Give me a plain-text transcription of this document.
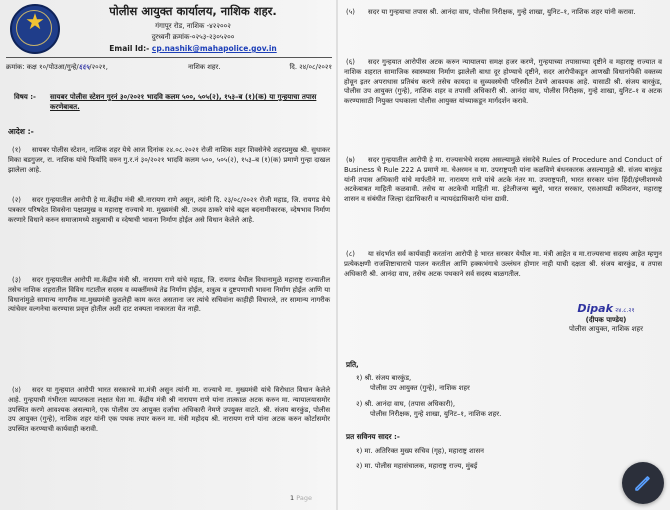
★	पोलीस आयुक्त कार्यालय, नाशिक शहर.
गंगापूर रोड, नाशिक -४२२००२
दुरध्वनी क्रमांक-०२५३-२३०५२००
Email Id:- cp.nashik@mahapolice.gov.in
क्रमांक: कक्ष १०/पोउआ/गुन्हे/६६५/२०२१,	नाशिक शहर.	दि. २४/०८/२०२१
विषय :- सायबर पोलीस स्टेशन गुरनं ३०/२०२१ भादवि कलम ५००, ५०५(२), १५३–ब (१)(क) या गुन्हयाचा तपास करणेबाबत.
आदेश :-
(१)	सायबर पोलीस स्टेशन, नाशिक शहर येथे आज दिनांक २४.०८.२०२१ रोजी नाशिक शहर शिवसेनेचे शहरप्रमुख श्री. सुधाकर मिका बडगुजर, रा. नाशिक यांचे फिर्यादि वरुन गु.र.नं ३०/२०२१ भादवि कलम ५००, ५०५(२), १५३–ब (१)(क) प्रमाणे गुन्हा दाखल झालेला आहे.
(२)	सदर गुन्हयातील आरोपी हे मा.केंद्रीय मंत्री श्री.नारायण राणे असुन, त्यांनी दि. २३/०८/२०२१ रोजी महाड, जि. रायगड येथे पत्रकार परिषदेत शिवसेना पक्षप्रमुख व महाराष्ट्र राज्याचे मा. मुख्यमंत्री श्री. उध्दव ठाकरे यांचे बद्दल बदनामीकारक, व्देषभाव निर्माण करणारे विधाने करुन समाजामध्ये शत्रुत्वाची व व्देषाची भावना निर्माण होईल असे विधान केलेले आहे.
(३)	सदर गुन्हयातील आरोपी मा.केंद्रीय मंत्री श्री. नारायण राणे यांचे महाड, जि. रायगड येथील विधानामुळे महाराष्ट्र राज्यातील तसेच नाशिक शहरातील विविध गटातील सदस्य व व्यक्तींमध्ये तेढ निर्माण होईल, शत्रुत्व व दुष्टपणाची भावना निर्माण होईल आणि या विधानांमुळे सामान्य नागरीक मा.मुख्यमंत्री कुठलेही काम करत असताना जर त्यांचे सचिवांना काहीही विचारले, तर सामान्य नागरीक त्यांचेवर वल्गनेचा करण्यास प्रवृत्त होतील अशी दाट शक्यता नाकारता येत नाही.
(४)	सदर या गुन्हयात आरोपी भारत सरकारचे मा.मंत्री असुन त्यांनी मा. राज्याचे मा. मुख्यमंत्री यांचे विरोधात विधान केलेले आहे. गुन्हयाची गंभीरता व्याप्तकता लक्षात घेता मा. केंद्रीय मंत्री श्री नारायण राणे यांना तात्काळ अटक करुन मा. न्यायालयासमोर उपस्थित करणे आवश्यक असल्याने, एक पोलीस उप आयुक्त दर्जाचा अधिकारी नेमणे उपयुक्त वाटते. श्री. संजय बारकुंड, पोलीस उप आयुक्त (गुन्हे), नाशिक शहर यांनी एक पथक तयार करुन मा. मंत्री महोदय श्री. नारायण राणे यांना अटक करुन कोर्टासमोर उपस्थित करण्याची कार्यवाही करावी.
(५)	सदर या गुन्हयाचा तपास श्री. आनंदा वाघ, पोलीस निरीक्षक, गुन्हे शाखा, युनिट–१, नाशिक शहर यांनी करावा.
(६)	सदर गुन्हयात आरोपीस अटक करुन न्यायालया समक्ष हजर करणे, गुन्हयाच्या तपासाच्या दृष्टीने व महाराष्ट्र राज्यात व नाशिक शहरात सामाजिक स्वास्थ्यास निर्माण झालेली बाधा दूर होण्याचे दृष्टीने, सदर आरोपीकडून आणखी विधानांपैकी वक्तव्य होवून इतर अपराधास प्रतिबंध करणे तसेच कायदा व सुव्यवस्थेची परिस्थीत टेवणे आवश्यक आहे. यासाठी श्री. संजय बारकुंड, पोलीस उप आयुक्त (गुन्हे), नाशिक शहर व तपासी अधिकारी श्री. आनंदा वाघ, पोलीस निरीक्षक, गुन्हे शाखा, युनिट–१ व अटक करण्यासाठी नियुक्त पथकाला पोलीस आयुक्त यांच्याकडून मार्गदर्शन करावे.
(७)	सदर गुन्हयातील आरोपी हे मा. राज्यसभेचे सदस्य असल्यामुळे संसदेचे Rules of Procedure and Conduct of Business चे Rule 222 A प्रमाणे मा. चेअरमन व मा. उपराष्ट्रपती यांना कळविणे बंधनकारक असल्यामुळे श्री. संजय बारकुंड यांनी तपास अधिकारी यांचे मार्फतीने मा. नारायण राणे यांचे अटके नंतर मा. उपराष्ट्रपती, भारत सरकार यांना हिंदी/इंग्लीशमध्ये अटकेबाबत माहिती कळवावी. तसेच या अटकेची माहिती मा. इंटेलीजन्स ब्युरो, भारत सरकार, एसआयडी कमिशनर, महाराष्ट्र शासन व संबंधीत जिल्हा दंडाधिकारी व न्यायदंडाधिकारी यांना द्यावी.
(८)	या संदर्भात सर्व कार्यवाही करतांना आरोपी हे भारत सरकार येथील मा. मंत्री आहेत व मा.राज्यसभा सदस्य आहेत म्हणुन प्रत्येकक्षणी राजशिष्टाचाराचे पालन करतील आणि हक्कभंगाचे उल्लंघन होणार नाही याची दक्षता श्री. संजय बारकुंड, व तपास अधिकारी श्री. आनंदा वाघ, तसेच अटक पथकाने सर्व सदस्य बाळगतील.
Dipak २४.८.२१
(दीपक पाण्डेय)
पोलीस आयुक्त, नाशिक शहर
प्रति,
१) श्री. संजय बारकुंड,
पोलीस उप आयुक्त (गुन्हे), नाशिक शहर
२) श्री. आनंदा वाघ, (तपास अधिकारी),
पोलीस निरीक्षक, गुन्हे शाखा, युनिट–१, नाशिक शहर.
प्रत सविनय सादर :-
१) मा. अतिरिक्त मुख्य सचिव (गृह), महाराष्ट्र शासन
२) मा. पोलीस महासंचालक, महाराष्ट्र राज्य, मुंबई
1 Page
